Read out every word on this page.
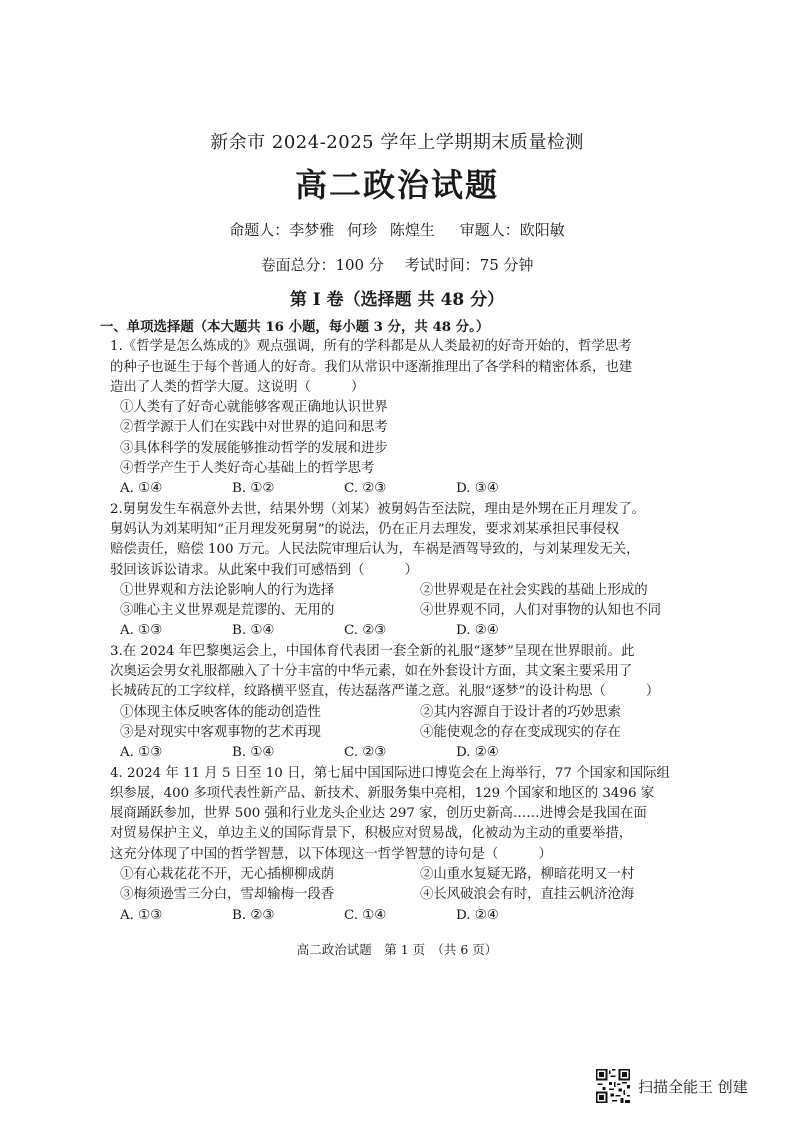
新余市 2024-2025 学年上学期期末质量检测
高二政治试题
命题人：李梦雅 何珍 陈煌生 审题人：欧阳敏
卷面总分：100 分 考试时间：75 分钟
第 I 卷（选择题 共 48 分）
一、单项选择题（本大题共 16 小题，每小题 3 分，共 48 分。）
1.《哲学是怎么炼成的》观点强调，所有的学科都是从人类最初的好奇开始的，哲学思考
的种子也诞生于每个普通人的好奇。我们从常识中逐渐推理出了各学科的精密体系，也建
造出了人类的哲学大厦。这说明（　　　）
①人类有了好奇心就能够客观正确地认识世界
②哲学源于人们在实践中对世界的追问和思考
③具体科学的发展能够推动哲学的发展和进步
④哲学产生于人类好奇心基础上的哲学思考
A. ①④	B. ①②	C. ②③	D. ③④
2.舅舅发生车祸意外去世，结果外甥（刘某）被舅妈告至法院，理由是外甥在正月理发了。
舅妈认为刘某明知“正月理发死舅舅”的说法，仍在正月去理发，要求刘某承担民事侵权
赔偿责任，赔偿 100 万元。人民法院审理后认为，车祸是酒驾导致的，与刘某理发无关，
驳回该诉讼请求。从此案中我们可感悟到（　　　）
①世界观和方法论影响人的行为选择	②世界观是在社会实践的基础上形成的
③唯心主义世界观是荒谬的、无用的	④世界观不同，人们对事物的认知也不同
A. ①③	B. ①④	C. ②③	D. ②④
3.在 2024 年巴黎奥运会上，中国体育代表团一套全新的礼服“逐梦”呈现在世界眼前。此
次奥运会男女礼服都融入了十分丰富的中华元素，如在外套设计方面，其文案主要采用了
长城砖瓦的工字纹样，纹路横平竖直，传达磊落严谨之意。礼服“逐梦”的设计构思（　　　）
①体现主体反映客体的能动创造性	②其内容源自于设计者的巧妙思索
③是对现实中客观事物的艺术再现	④能使观念的存在变成现实的存在
A. ①③	B. ①④	C. ②③	D. ②④
4. 2024 年 11 月 5 日至 10 日，第七届中国国际进口博览会在上海举行，77 个国家和国际组
织参展，400 多项代表性新产品、新技术、新服务集中亮相，129 个国家和地区的 3496 家
展商踊跃参加，世界 500 强和行业龙头企业达 297 家，创历史新高……进博会是我国在面
对贸易保护主义，单边主义的国际背景下，积极应对贸易战，化被动为主动的重要举措，
这充分体现了中国的哲学智慧，以下体现这一哲学智慧的诗句是（　　　）
①有心栽花花不开，无心插柳柳成荫	②山重水复疑无路，柳暗花明又一村
③梅须逊雪三分白，雪却输梅一段香	④长风破浪会有时，直挂云帆济沧海
A. ①③	B. ②③	C. ①④	D. ②④
高二政治试题　第 1 页　（共 6 页）
扫描全能王 创建
